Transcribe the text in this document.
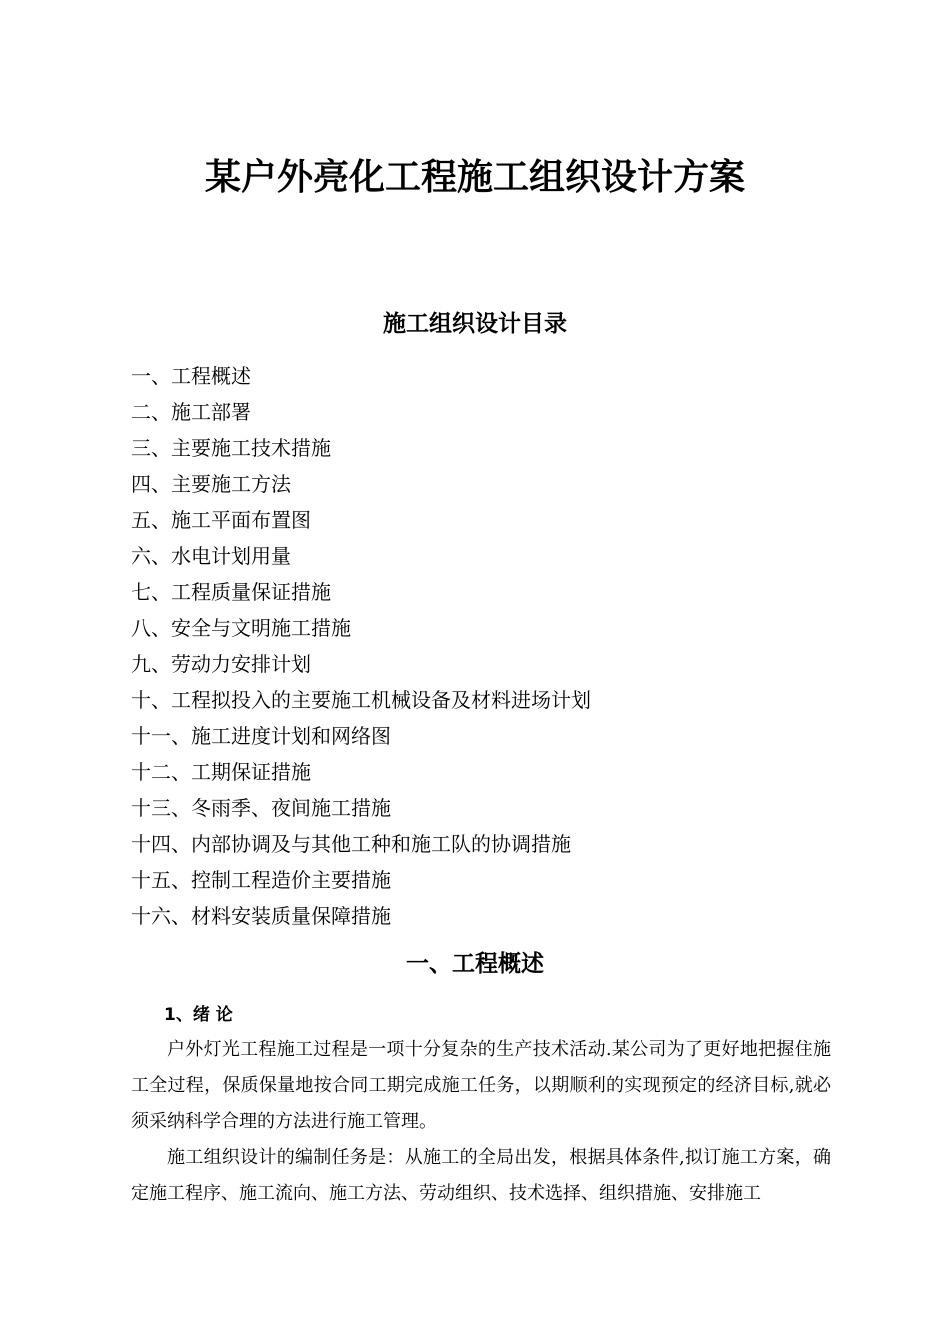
某户外亮化工程施工组织设计方案
施工组织设计目录
一、工程概述
二、施工部署
三、主要施工技术措施
四、主要施工方法
五、施工平面布置图
六、水电计划用量
七、工程质量保证措施
八、安全与文明施工措施
九、劳动力安排计划
十、工程拟投入的主要施工机械设备及材料进场计划
十一、施工进度计划和网络图
十二、工期保证措施
十三、冬雨季、夜间施工措施
十四、内部协调及与其他工种和施工队的协调措施
十五、控制工程造价主要措施
十六、材料安装质量保障措施
一、工程概述
1、绪 论

户外灯光工程施工过程是一项十分复杂的生产技术活动.某公司为了更好地把握住施工全过程，保质保量地按合同工期完成施工任务，以期顺利的实现预定的经济目标,就必须采纳科学合理的方法进行施工管理。

施工组织设计的编制任务是：从施工的全局出发，根据具体条件,拟订施工方案，确定施工程序、施工流向、施工方法、劳动组织、技术选择、组织措施、安排施工
